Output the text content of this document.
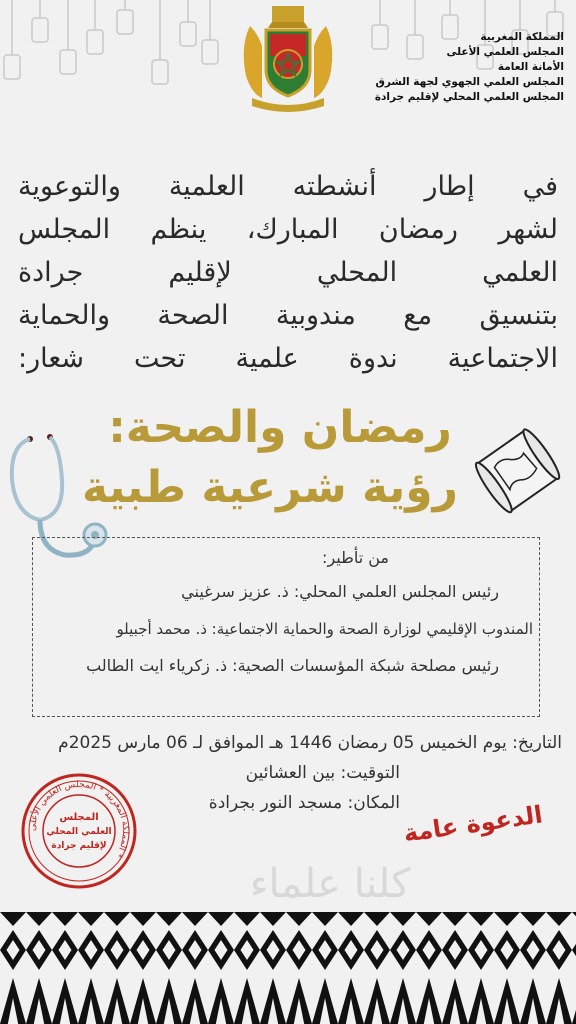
المملكة المغربية
المجلس العلمي الأعلى
الأمانة العامة
المجلس العلمي الجهوي لجهة الشرق
المجلس العلمي المحلي لإقليم جرادة

في إطار أنشطته العلمية والتوعوية

لشهر رمضان المبارك، ينظم المجلس

العلمي المحلي لإقليم جرادة

بتنسيق مع مندوبية الصحة والحماية

الاجتماعية ندوة علمية تحت شعار:

رمضان والصحة:
رؤية شرعية طبية
من تأطير:
رئيس المجلس العلمي المحلي: ذ. عزيز سرغيني
المندوب الإقليمي لوزارة الصحة والحماية الاجتماعية: ذ. محمد أجبيلو
رئيس مصلحة شبكة المؤسسات الصحية: ذ. زكرياء ايت الطالب
التاريخ: يوم الخميس 05 رمضان 1446 هـ الموافق لـ 06 مارس 2025م
التوقيت: بين العشائين
المكان: مسجد النور بجرادة
المملكة المغربية * المجلس العلمي الأعلى *
المجلس
العلمي المحلي
لإقليم جرادة	الدعوة عامة
كلنا علماء
